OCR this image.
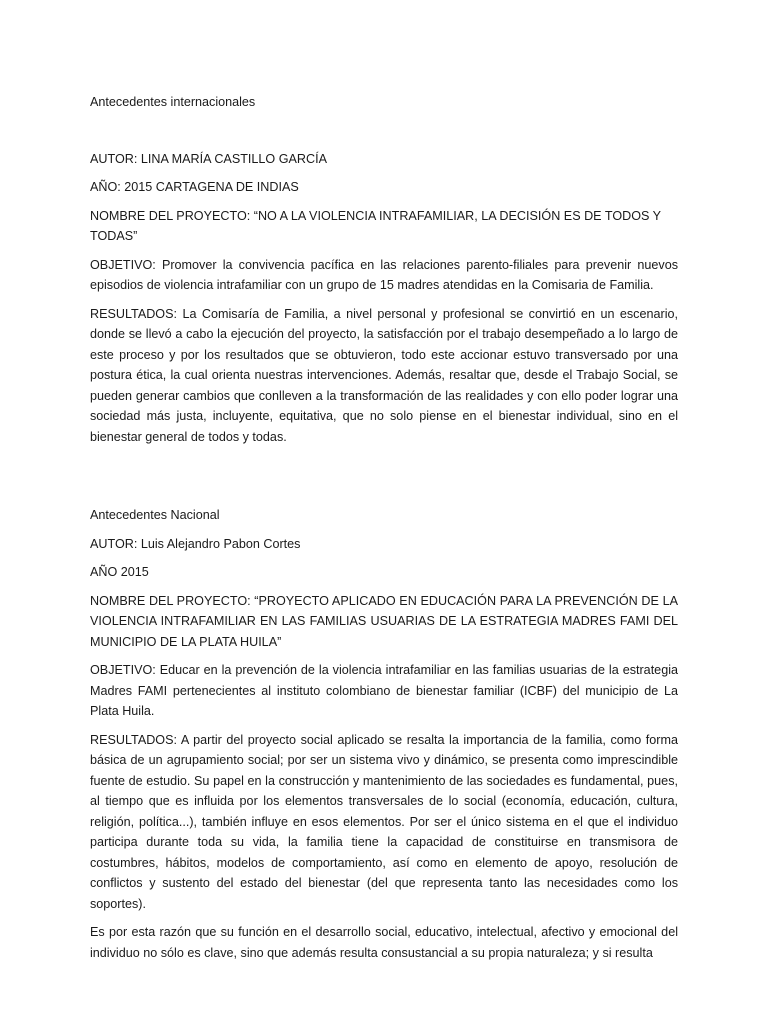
Antecedentes internacionales

AUTOR: LINA MARÍA CASTILLO GARCÍA

AÑO: 2015 CARTAGENA DE INDIAS

NOMBRE DEL PROYECTO: “NO A LA VIOLENCIA INTRAFAMILIAR, LA DECISIÓN ES DE TODOS Y TODAS”

OBJETIVO: Promover la convivencia pacífica en las relaciones parento-filiales para prevenir nuevos episodios de violencia intrafamiliar con un grupo de 15 madres atendidas en la Comisaria de Familia.

RESULTADOS: La Comisaría de Familia, a nivel personal y profesional se convirtió en un escenario, donde se llevó a cabo la ejecución del proyecto, la satisfacción por el trabajo desempeñado a lo largo de este proceso y por los resultados que se obtuvieron, todo este accionar estuvo transversado por una postura ética, la cual orienta nuestras intervenciones. Además, resaltar que, desde el Trabajo Social, se pueden generar cambios que conlleven a la transformación de las realidades y con ello poder lograr una sociedad más justa, incluyente, equitativa, que no solo piense en el bienestar individual, sino en el bienestar general de todos y todas.

Antecedentes Nacional

AUTOR: Luis Alejandro Pabon Cortes

AÑO 2015

NOMBRE DEL PROYECTO: “PROYECTO APLICADO EN EDUCACIÓN PARA LA PREVENCIÓN DE LA VIOLENCIA INTRAFAMILIAR EN LAS FAMILIAS USUARIAS DE LA ESTRATEGIA MADRES FAMI DEL MUNICIPIO DE LA PLATA HUILA”

OBJETIVO: Educar en la prevención de la violencia intrafamiliar en las familias usuarias de la estrategia Madres FAMI pertenecientes al instituto colombiano de bienestar familiar (ICBF) del municipio de La Plata Huila.

RESULTADOS: A partir del proyecto social aplicado se resalta la importancia de la familia, como forma básica de un agrupamiento social; por ser un sistema vivo y dinámico, se presenta como imprescindible fuente de estudio. Su papel en la construcción y mantenimiento de las sociedades es fundamental, pues, al tiempo que es influida por los elementos transversales de lo social (economía, educación, cultura, religión, política...), también influye en esos elementos. Por ser el único sistema en el que el individuo participa durante toda su vida, la familia tiene la capacidad de constituirse en transmisora de costumbres, hábitos, modelos de comportamiento, así como en elemento de apoyo, resolución de conflictos y sustento del estado del bienestar (del que representa tanto las necesidades como los soportes).

Es por esta razón que su función en el desarrollo social, educativo, intelectual, afectivo y emocional del individuo no sólo es clave, sino que además resulta consustancial a su propia naturaleza; y si resulta
